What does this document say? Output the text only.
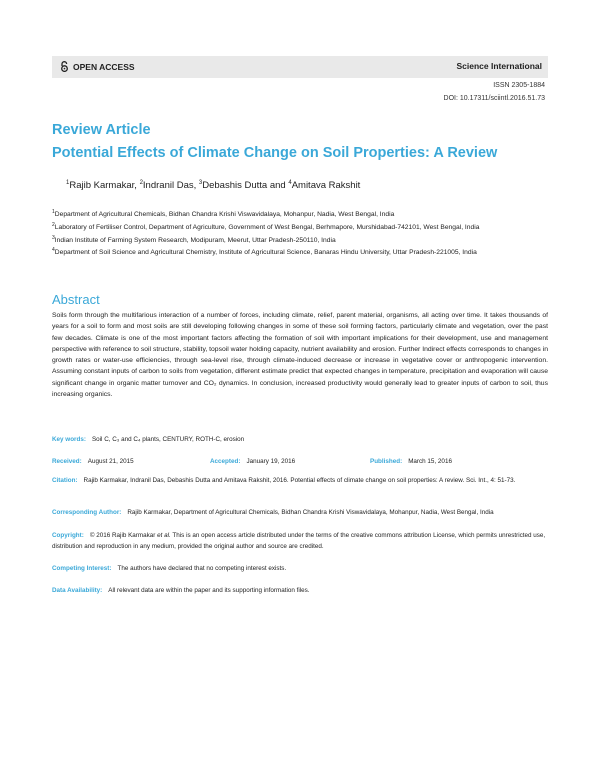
OPEN ACCESS	Science International
ISSN 2305-1884
DOI: 10.17311/sciintl.2016.51.73
Review Article
Potential Effects of Climate Change on Soil Properties: A Review
$^1$Rajib Karmakar, $^2$Indranil Das, $^3$Debashis Dutta and $^4$Amitava Rakshit
$^1$Department of Agricultural Chemicals, Bidhan Chandra Krishi Viswavidalaya, Mohanpur, Nadia, West Bengal, India
$^2$Laboratory of Fertiliser Control, Department of Agriculture, Government of West Bengal, Berhmapore, Murshidabad-742101, West Bengal, India
$^3$Indian Institute of Farming System Research, Modipuram, Meerut, Uttar Pradesh-250110, India
$^4$Department of Soil Science and Agricultural Chemistry, Institute of Agricultural Science, Banaras Hindu University, Uttar Pradesh-221005, India
Abstract
Soils form through the multifarious interaction of a number of forces, including climate, relief, parent material, organisms, all acting over time. It takes thousands of years for a soil to form and most soils are still developing following changes in some of these soil forming factors, particularly climate and vegetation, over the past few decades. Climate is one of the most important factors affecting the formation of soil with important implications for their development, use and management perspective with reference to soil structure, stability, topsoil water holding capacity, nutrient availability and erosion. Further Indirect effects corresponds to changes in growth rates or water-use efficiencies, through sea-level rise, through climate-induced decrease or increase in vegetative cover or anthropogenic intervention. Assuming constant inputs of carbon to soils from vegetation, different estimate predict that expected changes in temperature, precipitation and evaporation will cause significant change in organic matter turnover and CO₂ dynamics. In conclusion, increased productivity would generally lead to greater inputs of carbon to soil, thus increasing organics.
Key words: Soil C, C₃ and C₄ plants, CENTURY, ROTH-C, erosion
Received: August 21, 2015	Accepted: January 19, 2016	Published: March 15, 2016
Citation: Rajib Karmakar, Indranil Das, Debashis Dutta and Amitava Rakshit, 2016. Potential effects of climate change on soil properties: A review. Sci. Int., 4: 51-73.
Corresponding Author: Rajib Karmakar, Department of Agricultural Chemicals, Bidhan Chandra Krishi Viswavidalaya, Mohanpur, Nadia, West Bengal, India
Copyright: © 2016 Rajib Karmakar et al. This is an open access article distributed under the terms of the creative commons attribution License, which permits unrestricted use, distribution and reproduction in any medium, provided the original author and source are credited.
Competing Interest: The authors have declared that no competing interest exists.
Data Availability: All relevant data are within the paper and its supporting information files.
